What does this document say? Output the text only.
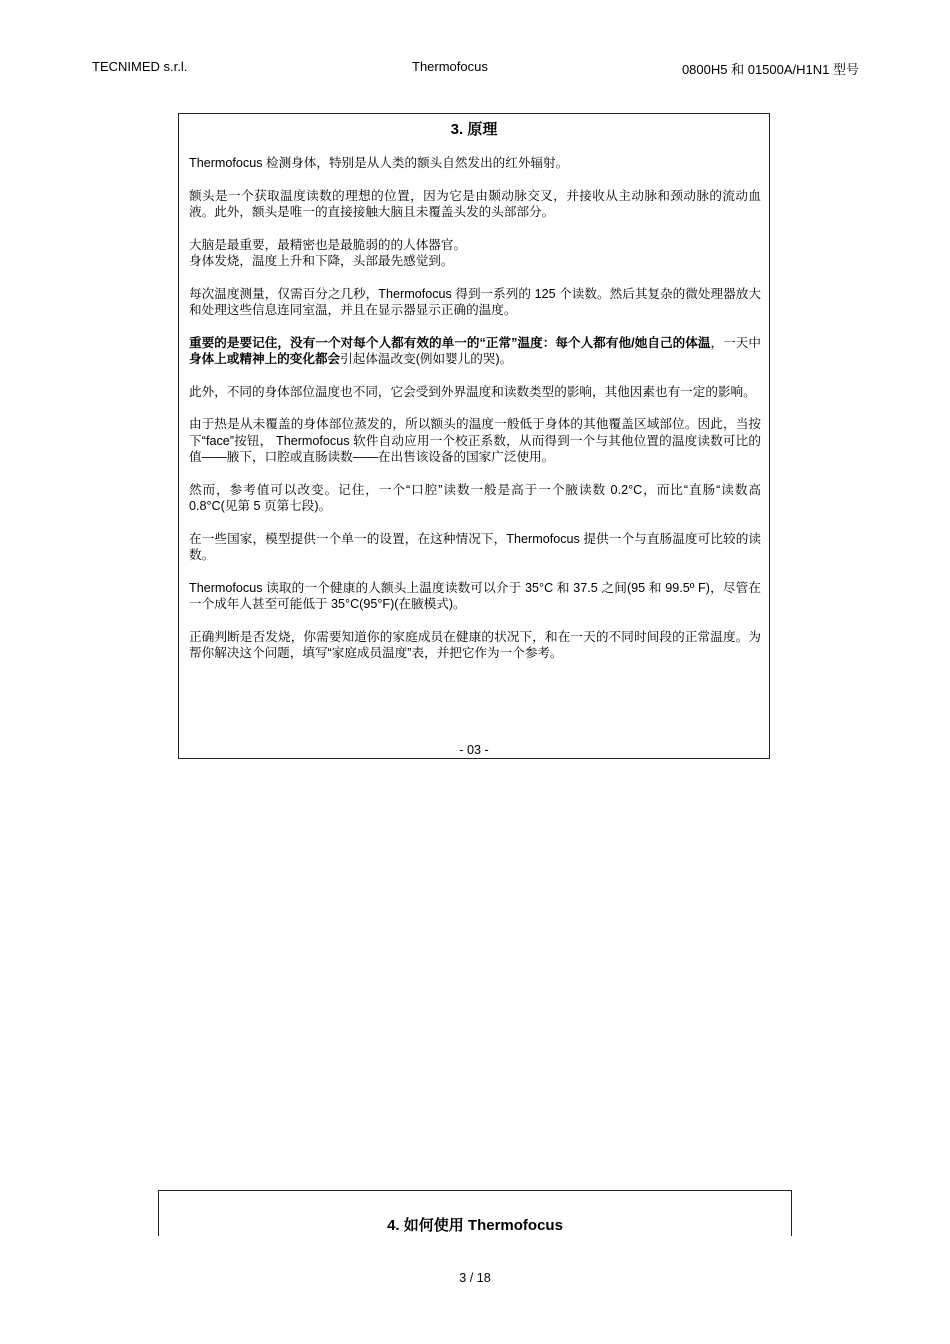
TECNIMED s.r.l.	Thermofocus	0800H5 和 01500A/H1N1 型号
3. 原理

Thermofocus 检测身体，特别是从人类的额头自然发出的红外辐射。

额头是一个获取温度读数的理想的位置，因为它是由颞动脉交叉，并接收从主动脉和颈动脉的流动血液。此外，额头是唯一的直接接触大脑且未覆盖头发的头部部分。

大脑是最重要，最精密也是最脆弱的的人体器官。
身体发烧，温度上升和下降，头部最先感觉到。

每次温度测量，仅需百分之几秒，Thermofocus 得到一系列的 125 个读数。然后其复杂的微处理器放大和处理这些信息连同室温，并且在显示器显示正确的温度。

重要的是要记住，没有一个对每个人都有效的单一的“正常”温度：每个人都有他/她自己的体温，一天中身体上或精神上的变化都会引起体温改变(例如婴儿的哭)。

此外，不同的身体部位温度也不同，它会受到外界温度和读数类型的影响，其他因素也有一定的影响。

由于热是从未覆盖的身体部位蒸发的，所以额头的温度一般低于身体的其他覆盖区域部位。因此，当按下“face”按钮， Thermofocus 软件自动应用一个校正系数，从而得到一个与其他位置的温度读数可比的值——腋下，口腔或直肠读数——在出售该设备的国家广泛使用。

然而，参考值可以改变。记住，一个“口腔”读数一般是高于一个腋读数 0.2°C，而比“直肠“读数高 0.8°C(见第 5 页第七段)。

在一些国家，模型提供一个单一的设置，在这种情况下，Thermofocus 提供一个与直肠温度可比较的读数。

Thermofocus 读取的一个健康的人额头上温度读数可以介于 35°C 和 37.5 之间(95 和 99.5º F)，尽管在一个成年人甚至可能低于 35°C(95°F)(在腋模式)。

正确判断是否发烧，你需要知道你的家庭成员在健康的状况下，和在一天的不同时间段的正常温度。为帮你解决这个问题，填写“家庭成员温度”表，并把它作为一个参考。

- 03 -
4. 如何使用 Thermofocus
3 / 18
